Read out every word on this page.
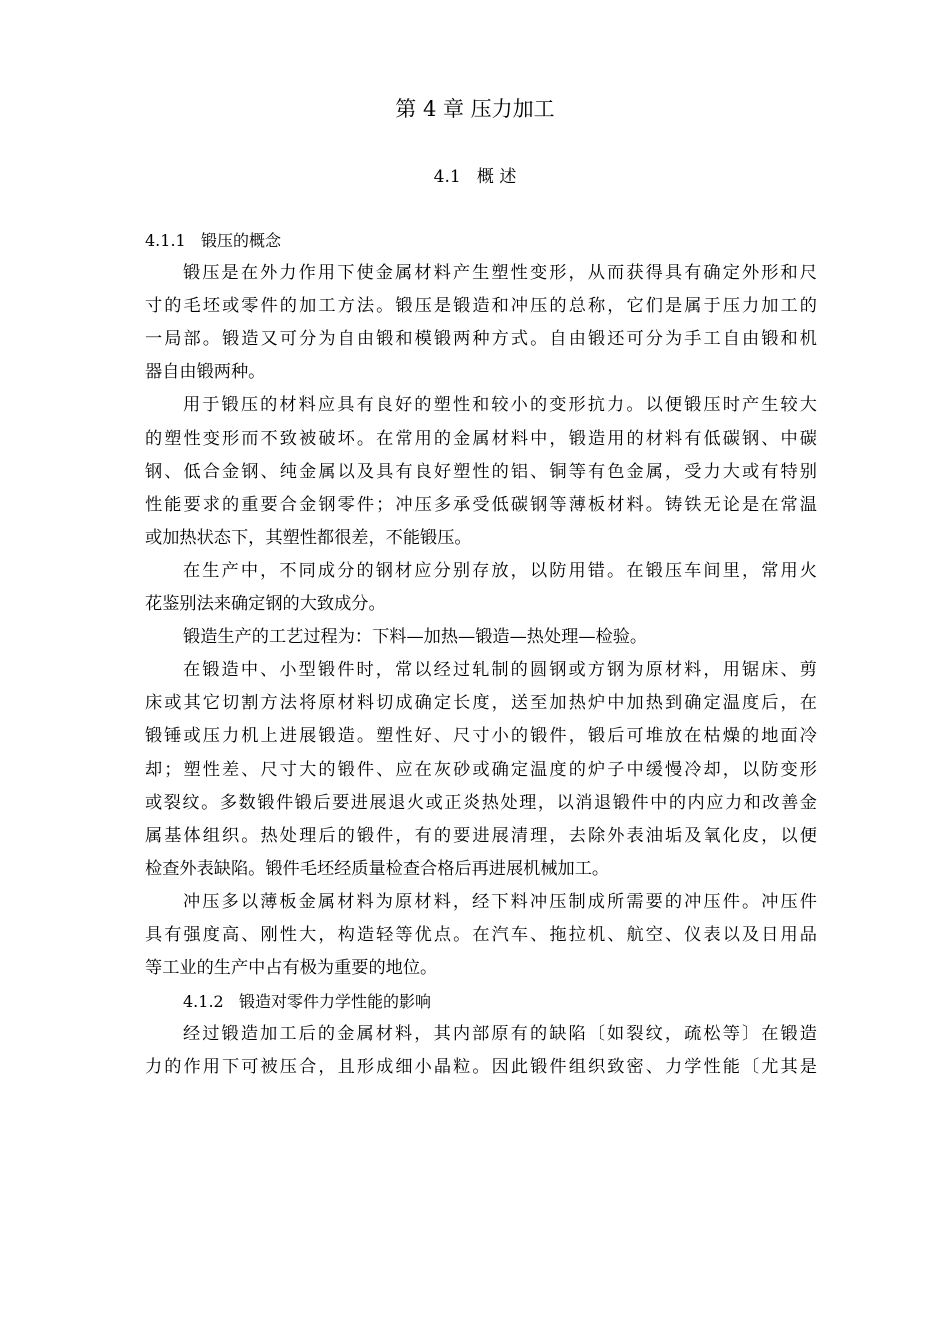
第 4 章 压力加工
4.1   概 述
4.1.1   锻压的概念
锻压是在外力作用下使金属材料产生塑性变形，从而获得具有确定外形和尺
寸的毛坯或零件的加工方法。锻压是锻造和冲压的总称，它们是属于压力加工的
一局部。锻造又可分为自由锻和模锻两种方式。自由锻还可分为手工自由锻和机
器自由锻两种。
用于锻压的材料应具有良好的塑性和较小的变形抗力。以便锻压时产生较大
的塑性变形而不致被破坏。在常用的金属材料中，锻造用的材料有低碳钢、中碳
钢、低合金钢、纯金属以及具有良好塑性的铝、铜等有色金属，受力大或有特别
性能要求的重要合金钢零件；冲压多承受低碳钢等薄板材料。铸铁无论是在常温
或加热状态下，其塑性都很差，不能锻压。
在生产中，不同成分的钢材应分别存放，以防用错。在锻压车间里，常用火
花鉴别法来确定钢的大致成分。
锻造生产的工艺过程为：下料—加热—锻造—热处理—检验。
在锻造中、小型锻件时，常以经过轧制的圆钢或方钢为原材料，用锯床、剪
床或其它切割方法将原材料切成确定长度，送至加热炉中加热到确定温度后，在
锻锤或压力机上进展锻造。塑性好、尺寸小的锻件，锻后可堆放在枯燥的地面冷
却；塑性差、尺寸大的锻件、应在灰砂或确定温度的炉子中缓慢冷却，以防变形
或裂纹。多数锻件锻后要进展退火或正炎热处理，以消退锻件中的内应力和改善金
属基体组织。热处理后的锻件，有的要进展清理，去除外表油垢及氧化皮，以便
检查外表缺陷。锻件毛坯经质量检查合格后再进展机械加工。
冲压多以薄板金属材料为原材料，经下料冲压制成所需要的冲压件。冲压件
具有强度高、刚性大，构造轻等优点。在汽车、拖拉机、航空、仪表以及日用品
等工业的生产中占有极为重要的地位。
4.1.2   锻造对零件力学性能的影响
经过锻造加工后的金属材料，其内部原有的缺陷〔如裂纹，疏松等〕在锻造
力的作用下可被压合，且形成细小晶粒。因此锻件组织致密、力学性能〔尤其是
